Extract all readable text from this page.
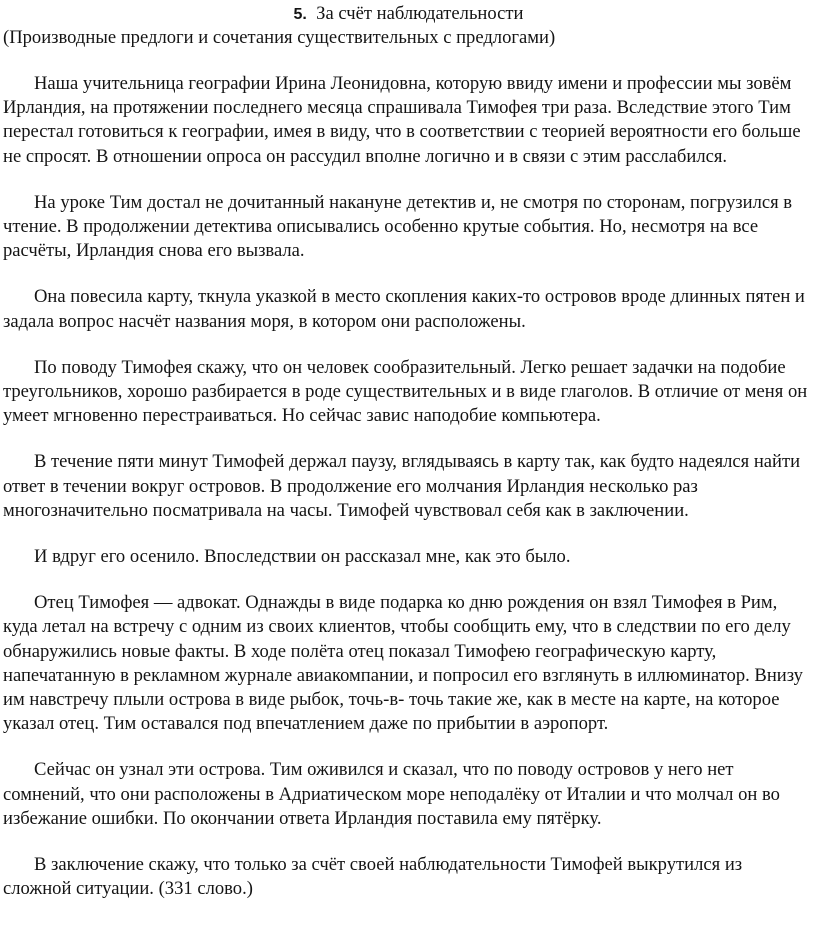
5. За счёт наблюдательности

(Производные предлоги и сочетания существительных с предлогами)

Наша учительница географии Ирина Леонидовна, которую ввиду имени и профессии мы зовём Ирландия, на протяжении последнего месяца спрашивала Тимофея три раза. Вследствие этого Тим перестал готовиться к географии, имея в виду, что в соответствии с теорией вероятности его больше не спросят. В отношении опроса он рассудил вполне логично и в связи с этим расслабился.

На уроке Тим достал не дочитанный накануне детектив и, не смотря по сторонам, погрузился в чтение. В продолжении детектива описывались особенно крутые события. Но, несмотря на все расчёты, Ирландия снова его вызвала.

Она повесила карту, ткнула указкой в место скопления каких-то островов вроде длинных пятен и задала вопрос насчёт названия моря, в котором они расположены.

По поводу Тимофея скажу, что он человек сообразительный. Легко решает задачки на подобие треугольников, хорошо разбирается в роде существительных и в виде глаголов. В отличие от меня он умеет мгновенно перестраиваться. Но сейчас завис наподобие компьютера.

В течение пяти минут Тимофей держал паузу, вглядываясь в карту так, как будто надеялся найти ответ в течении вокруг островов. В продолжение его молчания Ирландия несколько раз многозначительно посматривала на часы. Тимофей чувствовал себя как в заключении.

И вдруг его осенило. Впоследствии он рассказал мне, как это было.

Отец Тимофея — адвокат. Однажды в виде подарка ко дню рождения он взял Тимофея в Рим, куда летал на встречу с одним из своих клиентов, чтобы сообщить ему, что в следствии по его делу обнаружились новые факты. В ходе полёта отец показал Тимофею географическую карту, напечатанную в рекламном журнале авиакомпании, и попросил его взглянуть в иллюминатор. Внизу им навстречу плыли острова в виде рыбок, точь-в- точь такие же, как в месте на карте, на которое указал отец. Тим оставался под впечатлением даже по прибытии в аэропорт.

Сейчас он узнал эти острова. Тим оживился и сказал, что по поводу островов у него нет сомнений, что они расположены в Адриатическом море неподалёку от Италии и что молчал он во избежание ошибки. По окончании ответа Ирландия поставила ему пятёрку.

В заключение скажу, что только за счёт своей наблюдательности Тимофей выкрутился из сложной ситуации. (331 слово.)
